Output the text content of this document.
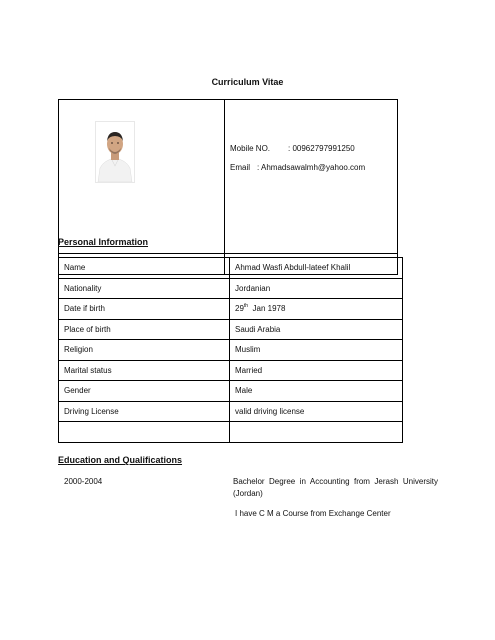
Curriculum Vitae

Mobile NO. : 00962797991250
Email : Ahmadsawalmh@yahoo.com

Personal Information
Name	Ahmad Wasfi Abdull-lateef Khalil
Nationality	Jordanian
Date if birth	29th Jan 1978
Place of birth	Saudi Arabia
Religion	Muslim
Marital status	Married
Gender	Male
Driving License	valid driving license

Education and Qualifications
2000-2004	Bachelor Degree in Accounting from Jerash University (Jordan)
I have C M a Course from Exchange Center
